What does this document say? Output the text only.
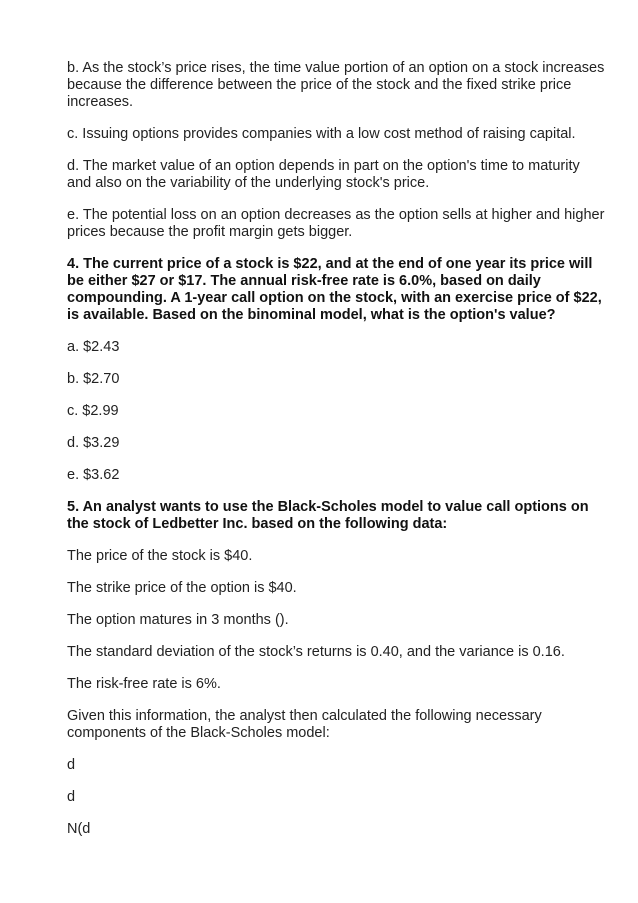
b. As the stock’s price rises, the time value portion of an option on a stock increases because the difference between the price of the stock and the fixed strike price increases.

c. Issuing options provides companies with a low cost method of raising capital.

d. The market value of an option depends in part on the option's time to maturity and also on the variability of the underlying stock's price.

e. The potential loss on an option decreases as the option sells at higher and higher prices because the profit margin gets bigger.

4. The current price of a stock is $22, and at the end of one year its price will be either $27 or $17. The annual risk-free rate is 6.0%, based on daily compounding. A 1-year call option on the stock, with an exercise price of $22, is available. Based on the binominal model, what is the option's value?

a. $2.43

b. $2.70

c. $2.99

d. $3.29

e. $3.62

5. An analyst wants to use the Black-Scholes model to value call options on the stock of Ledbetter Inc. based on the following data:

The price of the stock is $40.

The strike price of the option is $40.

The option matures in 3 months ().

The standard deviation of the stock’s returns is 0.40, and the variance is 0.16.

The risk-free rate is 6%.

Given this information, the analyst then calculated the following necessary components of the Black-Scholes model:

d

d

N(d
